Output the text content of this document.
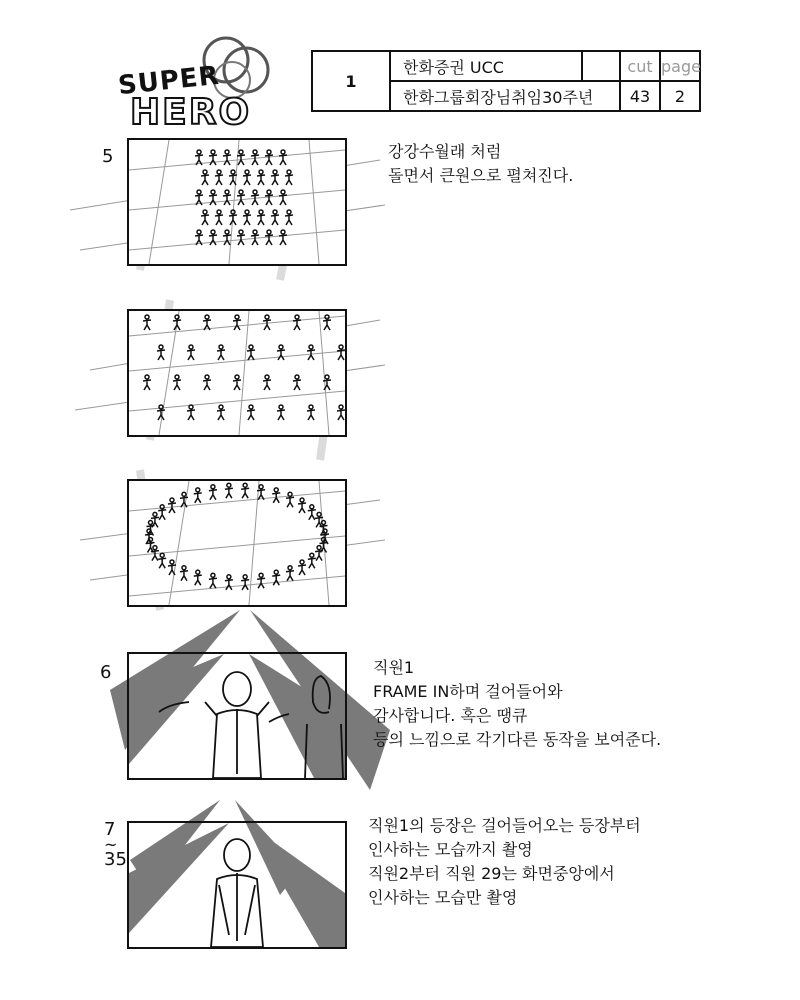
SUPER
HERO
1	한화증권 UCC		cut	page
	한화그룹회장님취임30주년		43	2
5	강강수월래 처럼
돌면서 큰원으로 펼쳐진다.
6	직원1
FRAME IN하며 걸어들어와
감사합니다. 혹은 땡큐
등의 느낌으로 각기다른 동작을 보여준다.
7
~
35
직원1의 등장은 걸어들어오는 등장부터
인사하는 모습까지 촬영
직원2부터 직원 29는 화면중앙에서
인사하는 모습만 촬영
